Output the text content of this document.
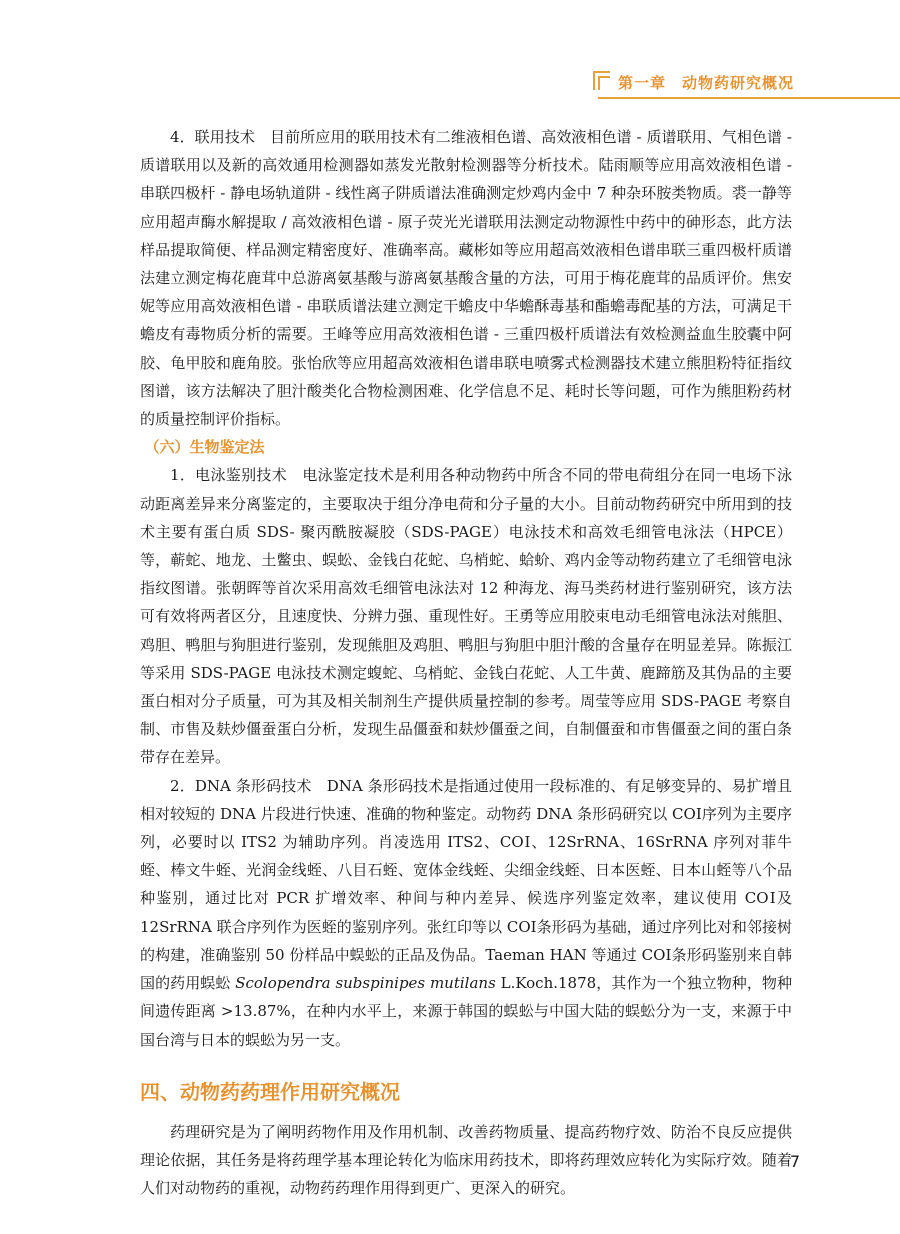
第一章　动物药研究概况

4．联用技术　 目前所应用的联用技术有二维液相色谱、高效液相色谱 - 质谱联用、气相色谱 - 质谱联用以及新的高效通用检测器如蒸发光散射检测器等分析技术。陆雨顺等应用高效液相色谱 - 串联四极杆 - 静电场轨道阱 - 线性离子阱质谱法准确测定炒鸡内金中 7 种杂环胺类物质。裘一静等应用超声酶水解提取 / 高效液相色谱 - 原子荧光光谱联用法测定动物源性中药中的砷形态，此方法样品提取简便、样品测定精密度好、准确率高。藏彬如等应用超高效液相色谱串联三重四极杆质谱法建立测定梅花鹿茸中总游离氨基酸与游离氨基酸含量的方法，可用于梅花鹿茸的品质评价。焦安妮等应用高效液相色谱 - 串联质谱法建立测定干蟾皮中华蟾酥毒基和酯蟾毒配基的方法，可满足干蟾皮有毒物质分析的需要。王峰等应用高效液相色谱 - 三重四极杆质谱法有效检测益血生胶囊中阿胶、龟甲胶和鹿角胶。张怡欣等应用超高效液相色谱串联电喷雾式检测器技术建立熊胆粉特征指纹图谱，该方法解决了胆汁酸类化合物检测困难、化学信息不足、耗时长等问题，可作为熊胆粉药材的质量控制评价指标。

（六）生物鉴定法

1．电泳鉴别技术　 电泳鉴定技术是利用各种动物药中所含不同的带电荷组分在同一电场下泳动距离差异来分离鉴定的，主要取决于组分净电荷和分子量的大小。目前动物药研究中所用到的技术主要有蛋白质 SDS- 聚丙酰胺凝胶（SDS-PAGE）电泳技术和高效毛细管电泳法（HPCE）等，蕲蛇、地龙、土鳖虫、蜈蚣、金钱白花蛇、乌梢蛇、蛤蚧、鸡内金等动物药建立了毛细管电泳指纹图谱。张朝晖等首次采用高效毛细管电泳法对 12 种海龙、海马类药材进行鉴别研究，该方法可有效将两者区分，且速度快、分辨力强、重现性好。王勇等应用胶束电动毛细管电泳法对熊胆、鸡胆、鸭胆与狗胆进行鉴别，发现熊胆及鸡胆、鸭胆与狗胆中胆汁酸的含量存在明显差异。陈振江等采用 SDS-PAGE 电泳技术测定蝮蛇、乌梢蛇、金钱白花蛇、人工牛黄、鹿蹄筋及其伪品的主要蛋白相对分子质量，可为其及相关制剂生产提供质量控制的参考。周莹等应用 SDS-PAGE 考察自制、市售及麸炒僵蚕蛋白分析，发现生品僵蚕和麸炒僵蚕之间，自制僵蚕和市售僵蚕之间的蛋白条带存在差异。

2．DNA 条形码技术　 DNA 条形码技术是指通过使用一段标准的、有足够变异的、易扩增且相对较短的 DNA 片段进行快速、准确的物种鉴定。动物药 DNA 条形码研究以 COⅠ序列为主要序列，必要时以 ITS2 为辅助序列。肖凌选用 ITS2、COⅠ、12SrRNA、16SrRNA 序列对菲牛蛭、棒文牛蛭、光润金线蛭、八目石蛭、宽体金线蛭、尖细金线蛭、日本医蛭、日本山蛭等八个品种鉴别，通过比对 PCR 扩增效率、种间与种内差异、候选序列鉴定效率，建议使用 COⅠ及 12SrRNA 联合序列作为医蛭的鉴别序列。张红印等以 COⅠ条形码为基础，通过序列比对和邻接树的构建，准确鉴别 50 份样品中蜈蚣的正品及伪品。Taeman HAN 等通过 COⅠ条形码鉴别来自韩国的药用蜈蚣 Scolopendra subspinipes mutilans L.Koch.1878，其作为一个独立物种，物种间遗传距离 >13.87%，在种内水平上，来源于韩国的蜈蚣与中国大陆的蜈蚣分为一支，来源于中国台湾与日本的蜈蚣为另一支。

四、动物药药理作用研究概况

药理研究是为了阐明药物作用及作用机制、改善药物质量、提高药物疗效、防治不良反应提供理论依据，其任务是将药理学基本理论转化为临床用药技术，即将药理效应转化为实际疗效。随着人们对动物药的重视，动物药药理作用得到更广、更深入的研究。

7
